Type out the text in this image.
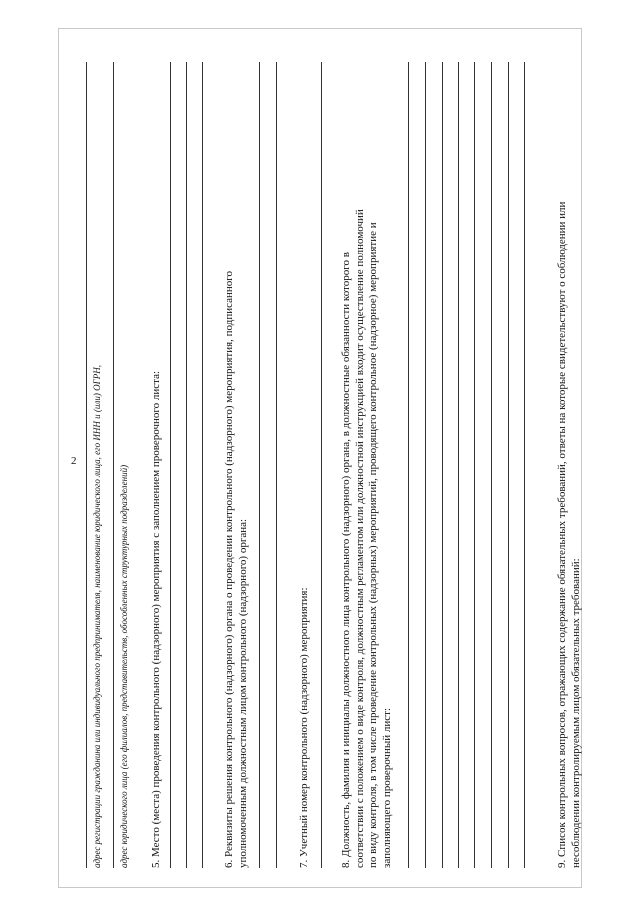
2 адрес регистрации гражданина или индивидуального предпринимателя, наименование юридического лица, его ИНН и (или) ОГРН, адрес юридического лица (его филиалов, представительств, обособленных структурных подразделений) 5. Место (места) проведения контрольного (надзорного) мероприятия с заполнением проверочного листа:	6. Реквизиты решения контрольного (надзорного) органа о проведении контрольного (надзорного) мероприятия, подписанного уполномоченным должностным лицом контрольного (надзорного) органа:	7. Учетный номер контрольного (надзорного) мероприятия:	8. Должность, фамилия и инициалы должностного лица контрольного (надзорного) органа, в должностные обязанности которого в соответствии с положением о виде контроля, должностным регламентом или должностной инструкцией входит осуществление полномочий по виду контроля, в том числе проведение контрольных (надзорных) мероприятий, проводящего контрольное (надзорное) мероприятие и заполняющего проверочный лист:	9. Список контрольных вопросов, отражающих содержание обязательных требований, ответы на которые свидетельствуют о соблюдении или несоблюдении контролируемым лицом обязательных требований:
